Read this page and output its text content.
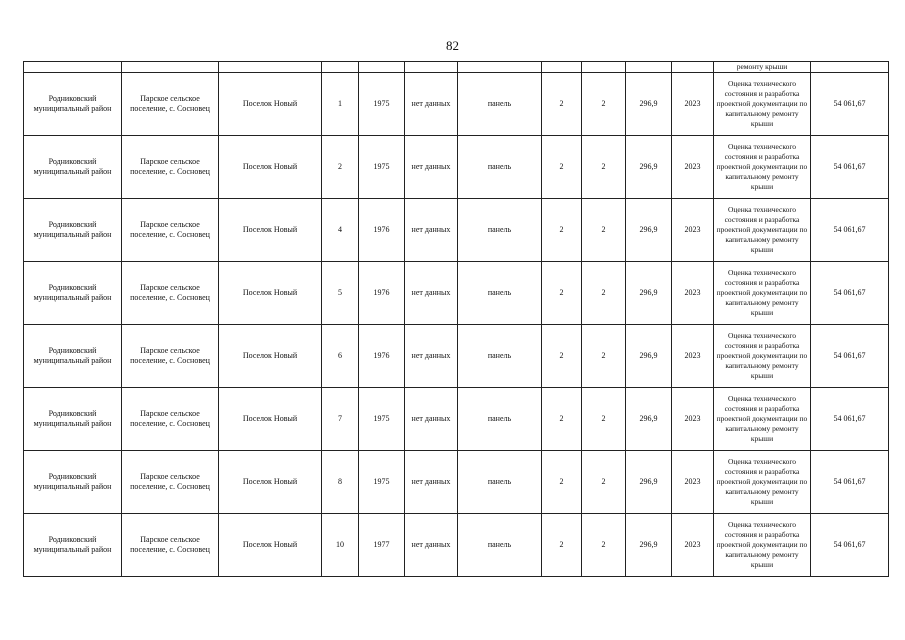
82
											ремонту крыши	
Родниковский муниципальный район	Парское сельское поселение, с. Сосновец	Поселок Новый	1	1975	нет данных	панель	2	2	296,9	2023	Оценка технического состояния и разработка проектной документации по капитальному ремонту крыши	54 061,67
Родниковский муниципальный район	Парское сельское поселение, с. Сосновец	Поселок Новый	2	1975	нет данных	панель	2	2	296,9	2023	Оценка технического состояния и разработка проектной документации по капитальному ремонту крыши	54 061,67
Родниковский муниципальный район	Парское сельское поселение, с. Сосновец	Поселок Новый	4	1976	нет данных	панель	2	2	296,9	2023	Оценка технического состояния и разработка проектной документации по капитальному ремонту крыши	54 061,67
Родниковский муниципальный район	Парское сельское поселение, с. Сосновец	Поселок Новый	5	1976	нет данных	панель	2	2	296,9	2023	Оценка технического состояния и разработка проектной документации по капитальному ремонту крыши	54 061,67
Родниковский муниципальный район	Парское сельское поселение, с. Сосновец	Поселок Новый	6	1976	нет данных	панель	2	2	296,9	2023	Оценка технического состояния и разработка проектной документации по капитальному ремонту крыши	54 061,67
Родниковский муниципальный район	Парское сельское поселение, с. Сосновец	Поселок Новый	7	1975	нет данных	панель	2	2	296,9	2023	Оценка технического состояния и разработка проектной документации по капитальному ремонту крыши	54 061,67
Родниковский муниципальный район	Парское сельское поселение, с. Сосновец	Поселок Новый	8	1975	нет данных	панель	2	2	296,9	2023	Оценка технического состояния и разработка проектной документации по капитальному ремонту крыши	54 061,67
Родниковский муниципальный район	Парское сельское поселение, с. Сосновец	Поселок Новый	10	1977	нет данных	панель	2	2	296,9	2023	Оценка технического состояния и разработка проектной документации по капитальному ремонту крыши	54 061,67
